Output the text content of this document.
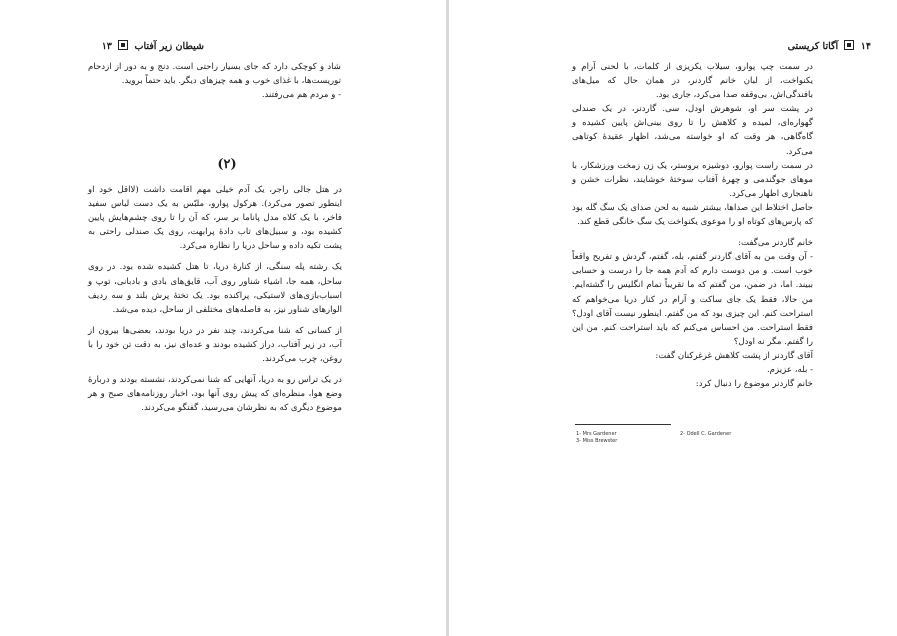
شیطان زیر آفتاب  ۱۳

شاد و کوچکی دارد که جای بسیار راحتی است. دنج و به دور از ازدحام توریست‌ها، با غذای خوب و همه چیزهای دیگر. باید حتماً بروید.

- و مردم هم می‌رفتند.

(۲)

در هتل جالی راجر، یک آدم خیلی مهم اقامت داشت (لااقل خود او اینطور تصور می‌کرد). هرکول پوارو، ملبّس به یک دست لباس سفید فاخر، با یک کلاه مدل پاناما بر سر، که آن را تا روی چشم‌هایش پایین کشیده بود، و سبیل‌های تاب دادهٔ پرابهت، روی یک صندلی راحتی به پشت تکیه داده و ساحل دریا را نظاره می‌کرد.

یک رشته پله سنگی، از کنارهٔ دریا، تا هتل کشیده شده بود. در روی ساحل، همه جا، اشیاء شناور روی آب، قایق‌های بادی و بادبانی، توپ و اسباب‌بازی‌های لاستیکی، پراکنده بود. یک تختهٔ پرش بلند و سه ردیف الوارهای شناور نیز، به فاصله‌های مختلفی از ساحل، دیده می‌شد.

از کسانی که شنا می‌کردند، چند نفر در دریا بودند، بعضی‌ها بیرون از آب، در زیر آفتاب، دراز کشیده بودند و عده‌ای نیز، به دقت تن خود را با روغن، چرب می‌کردند.

در یک تراس رو به دریا، آنهایی که شنا نمی‌کردند، نشسته بودند و دربارهٔ وضع هوا، منظره‌ای که پیش روی آنها بود، اخبار روزنامه‌های صبح و هر موضوع دیگری که به نظرشان می‌رسید، گفتگو می‌کردند.

۱۴  آگاتا کریستی

در سمت چپ پوارو، سیلاب یکریزی از کلمات، با لحنی آرام و یکنواخت، از لبان خانم گاردنر، در همان حال که میل‌های بافندگی‌اش، بی‌وقفه صدا می‌کرد، جاری بود.

در پشت سر او، شوهرش اودل، سی. گاردنر، در یک صندلی گهواره‌ای، لمیده و کلاهش را تا روی بینی‌اش پایین کشیده و گاه‌گاهی، هر وقت که او خواسته می‌شد، اظهار عقیدهٔ کوتاهی می‌کرد.

در سمت راست پوارو، دوشیزه بروستر، یک زن زمخت ورزشکار، با موهای جوگندمی و چهرهٔ آفتاب سوختهٔ خوشایند، نظرات خشن و ناهنجاری اظهار می‌کرد.

حاصل اختلاط این صداها، بیشتر شبیه به لحن صدای یک سگ گله بود که پارس‌های کوتاه او را موعوی یکنواخت یک سگ خانگی قطع کند.

خانم گاردنر می‌گفت:

- آن وقت من به آقای گاردنر گفتم، بله، گفتم، گردش و تفریح واقعاً خوب است. و من دوست دارم که آدم همه جا را درست و حسابی ببیند. اما، در ضمن، من گفتم که ما تقریباً تمام انگلیس را گشته‌ایم. من حالا، فقط یک جای ساکت و آرام در کنار دریا می‌خواهم که استراحت کنم. این چیزی بود که من گفتم. اینطور نیست آقای اودل؟ فقط استراحت. من احساس می‌کنم که باید استراحت کنم. من این را گفتم. مگر نه اودل؟

آقای گاردنر از پشت کلاهش غرغرکنان گفت:

- بله، عزیزم.

خانم گاردنر موضوع را دنبال کرد:

1- Mrs Gardener	2- Odell C. Gardener
3- Miss Brewster
